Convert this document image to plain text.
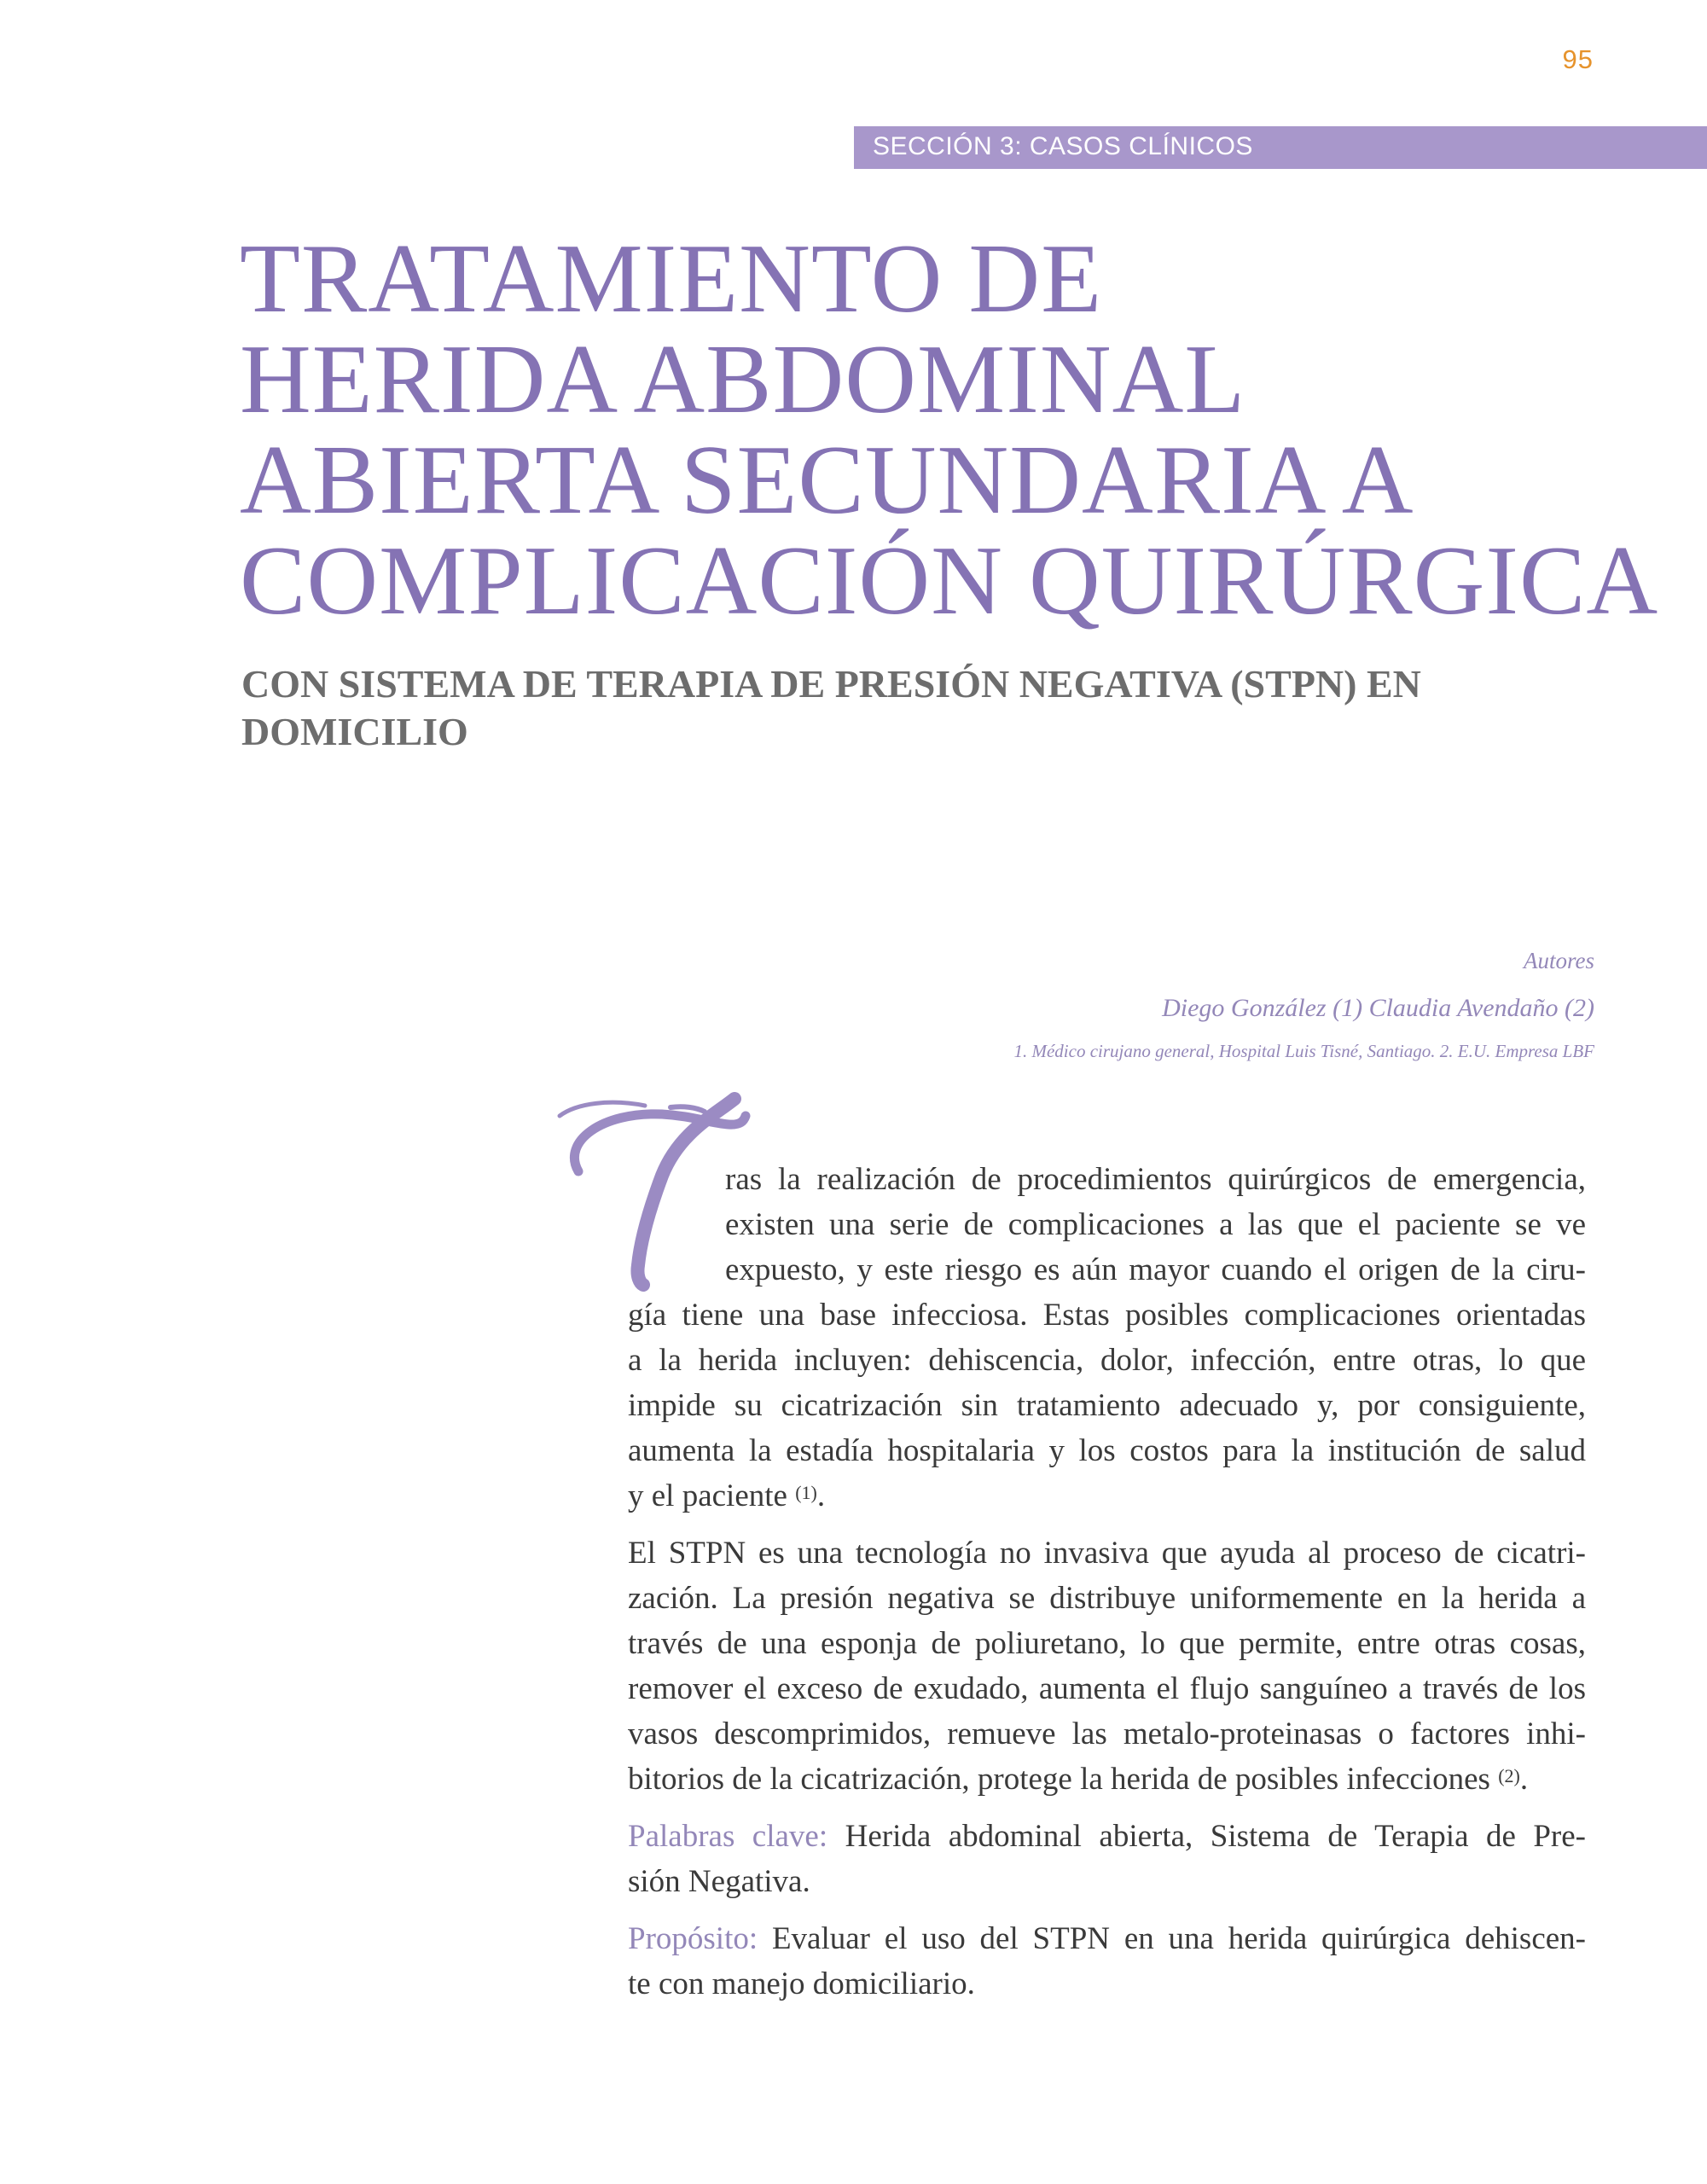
95
SECCIÓN 3: CASOS CLÍNICOS
TRATAMIENTO DE
HERIDA ABDOMINAL
ABIERTA SECUNDARIA A
COMPLICACIÓN QUIRÚRGICA
CON SISTEMA DE TERAPIA DE PRESIÓN NEGATIVA (STPN) EN
DOMICILIO
Autores
Diego González (1) Claudia Avendaño (2)
1. Médico cirujano general, Hospital Luis Tisné, Santiago. 2. E.U. Empresa LBF

ras la realización de procedimientos quirúrgicos de emergencia,
existen una serie de complicaciones a las que el paciente se ve
expuesto, y este riesgo es aún mayor cuando el origen de la ciru-
gía tiene una base infecciosa. Estas posibles complicaciones orientadas
a la herida incluyen: dehiscencia, dolor, infección, entre otras, lo que
impide su cicatrización sin tratamiento adecuado y, por consiguiente,
aumenta la estadía hospitalaria y los costos para la institución de salud
y el paciente $^{(1)}$.

El STPN es una tecnología no invasiva que ayuda al proceso de cicatri-
zación. La presión negativa se distribuye uniformemente en la herida a
través de una esponja de poliuretano, lo que permite, entre otras cosas,
remover el exceso de exudado, aumenta el flujo sanguíneo a través de los
vasos descomprimidos, remueve las metalo-proteinasas o factores inhi-
bitorios de la cicatrización, protege la herida de posibles infecciones $^{(2)}$.

Palabras clave: Herida abdominal abierta, Sistema de Terapia de Pre-
sión Negativa.

Propósito: Evaluar el uso del STPN en una herida quirúrgica dehiscen-
te con manejo domiciliario.
